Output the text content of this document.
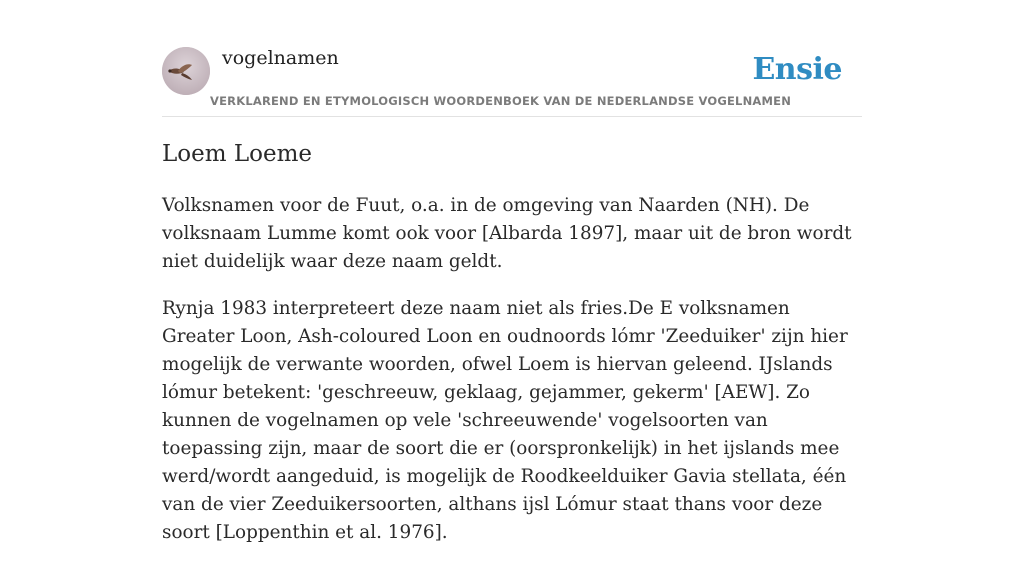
vogelnamen	Ensie
VERKLAREND EN ETYMOLOGISCH WOORDENBOEK VAN DE NEDERLANDSE VOGELNAMEN
Loem Loeme

Volksnamen voor de Fuut, o.a. in de omgeving van Naarden (NH). De volksnaam Lumme komt ook voor [Albarda 1897], maar uit de bron wordt niet duidelijk waar deze naam geldt.

Rynja 1983 interpreteert deze naam niet als fries.De E volksnamen Greater Loon, Ash-coloured Loon en oudnoords lómr 'Zeeduiker' zijn hier mogelijk de verwante woorden, ofwel Loem is hiervan geleend. IJslands lómur betekent: 'geschreeuw, geklaag, gejammer, gekerm' [AEW]. Zo kunnen de vogelnamen op vele 'schreeuwende' vogelsoorten van toepassing zijn, maar de soort die er (oorspronkelijk) in het ijslands mee werd/wordt aangeduid, is mogelijk de Roodkeelduiker Gavia stellata, één van de vier Zeeduikersoorten, althans ijsl Lómur staat thans voor deze soort [Loppenthin et al. 1976].
